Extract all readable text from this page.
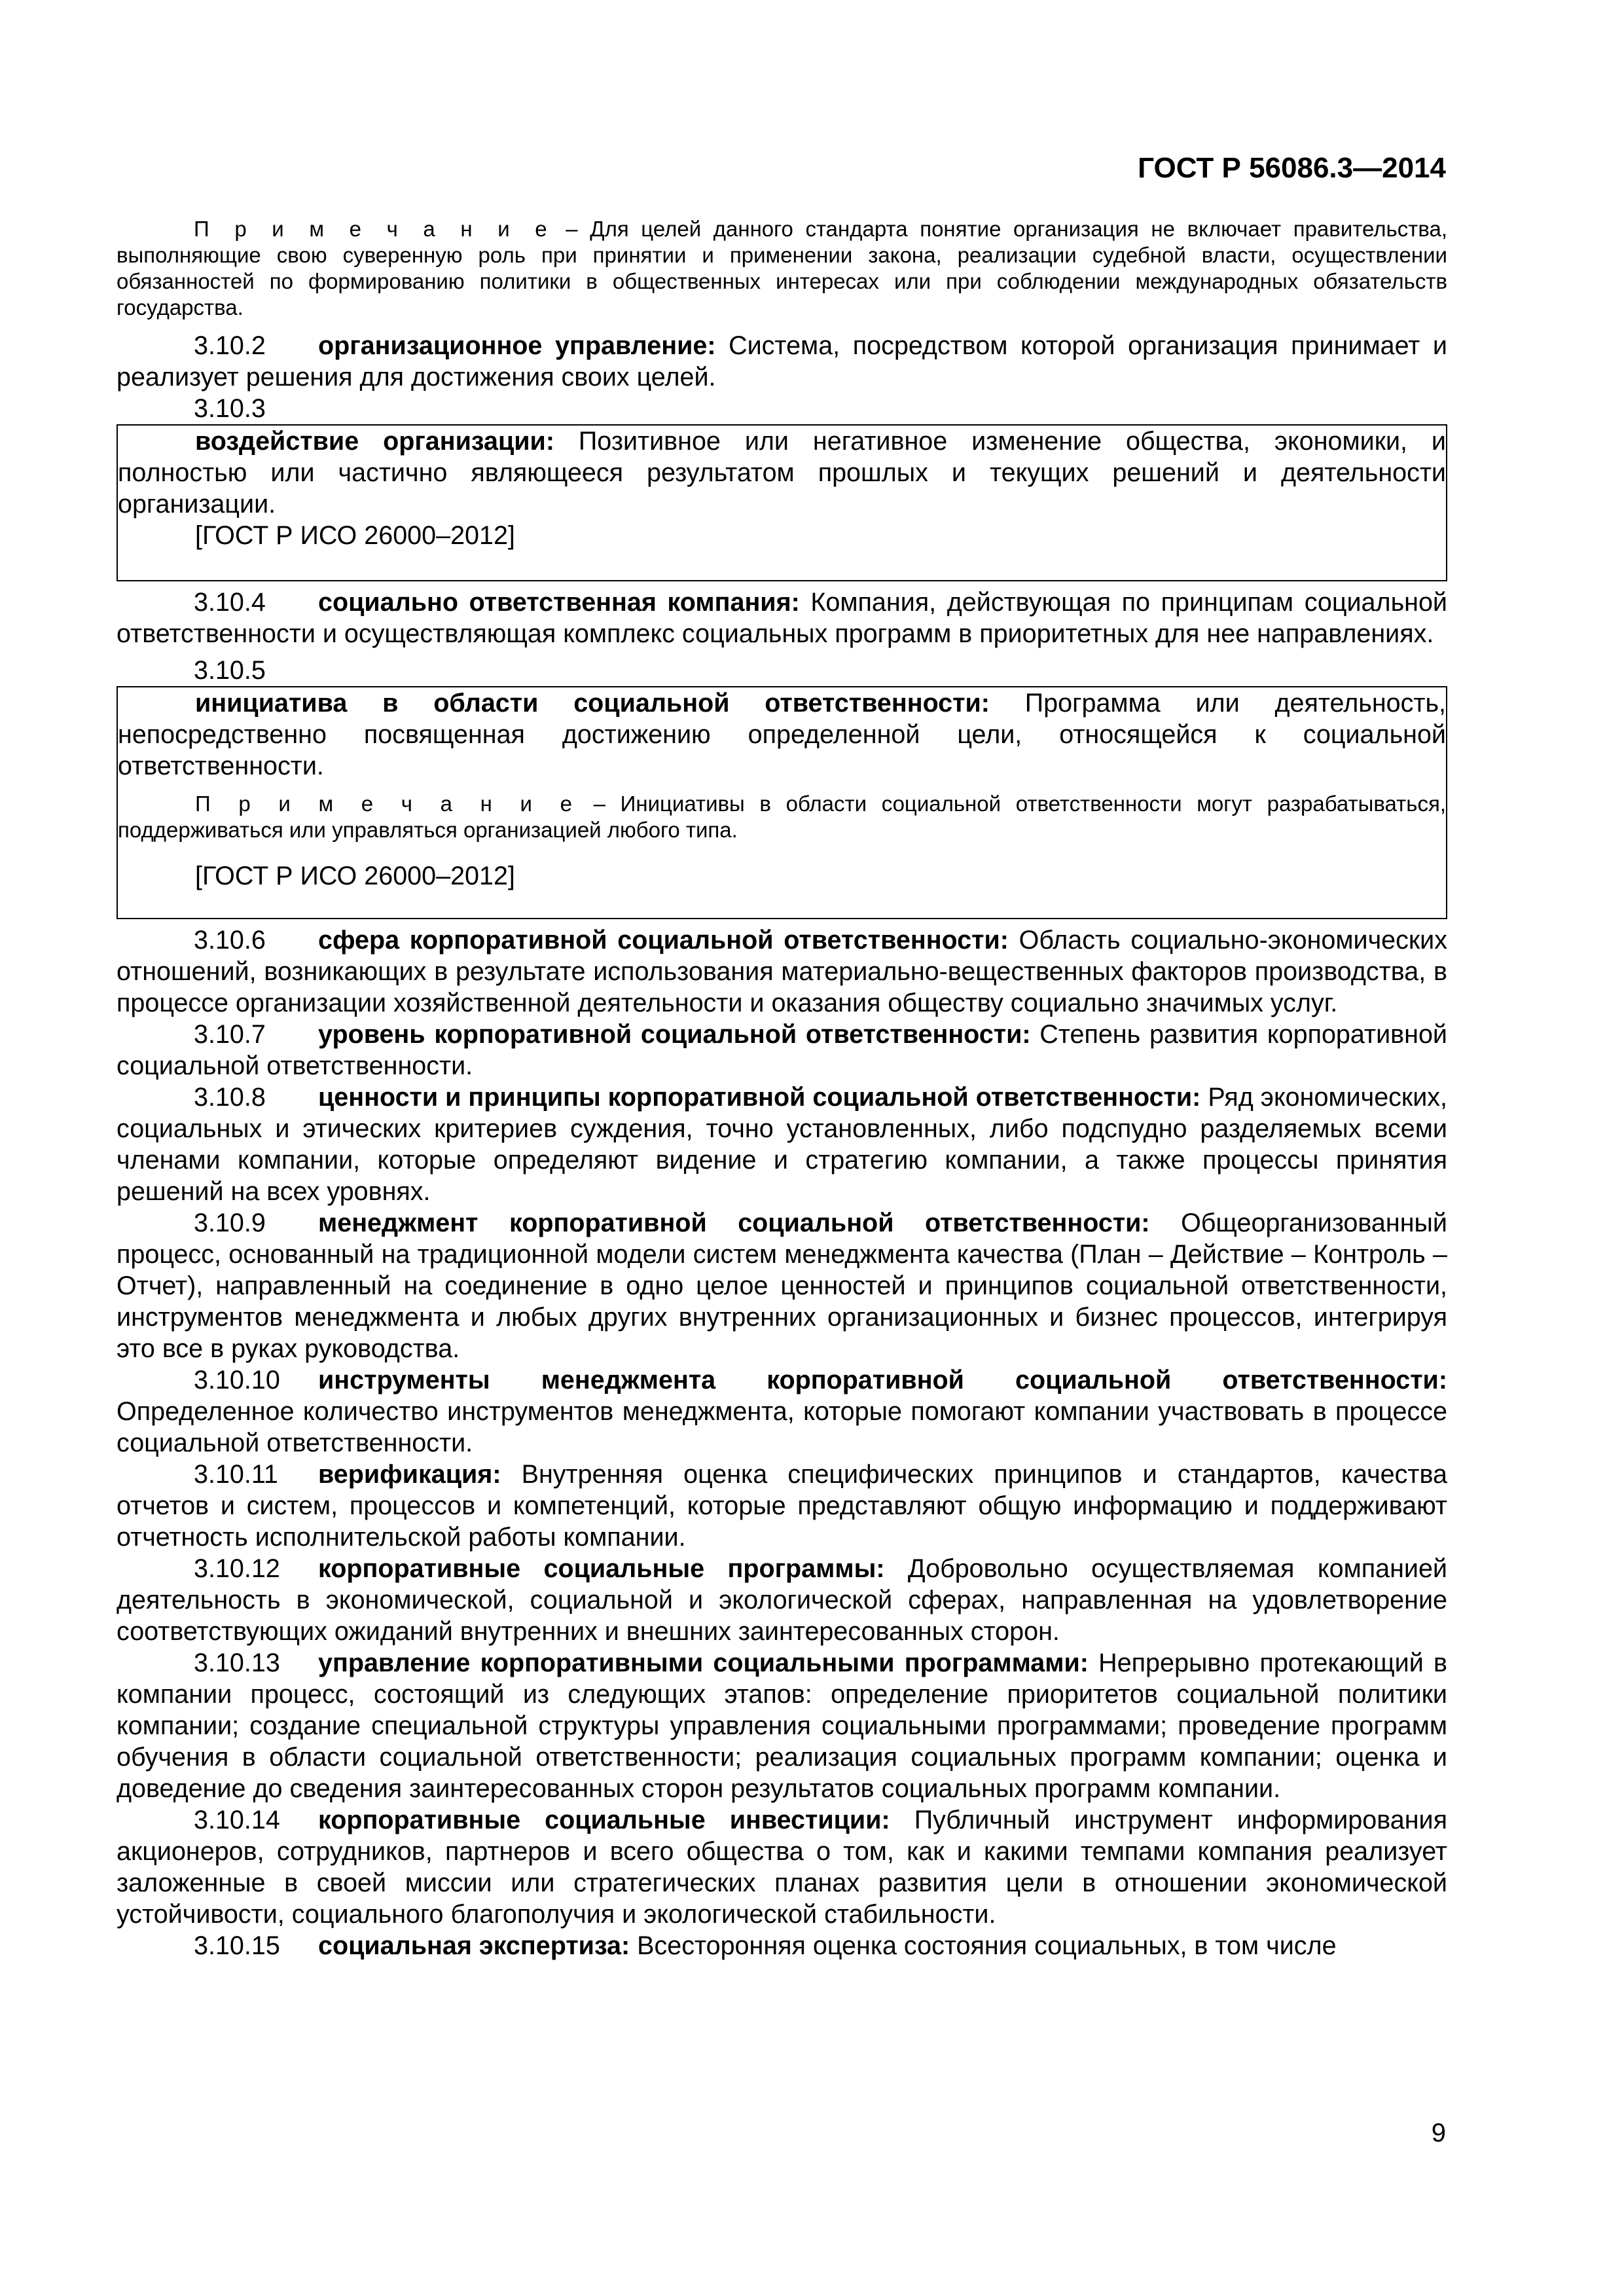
ГОСТ Р 56086.3—2014

П р и м е ч а н и е – Для целей данного стандарта понятие организация не включает правительства, выполняющие свою суверенную роль при принятии и применении закона, реализации судебной власти, осуществлении обязанностей по формированию политики в общественных интересах или при соблюдении международных обязательств государства.

3.10.2 организационное управление: Система, посредством которой организация принимает и реализует решения для достижения своих целей.

3.10.3

воздействие организации: Позитивное или негативное изменение общества, экономики, и полностью или частично являющееся результатом прошлых и текущих решений и деятельности организации.

[ГОСТ Р ИСО 26000–2012]

3.10.4 социально ответственная компания: Компания, действующая по принципам социальной ответственности и осуществляющая комплекс социальных программ в приоритетных для нее направлениях.

3.10.5

инициатива в области социальной ответственности: Программа или деятельность, непосредственно посвященная достижению определенной цели, относящейся к социальной ответственности.

П р и м е ч а н и е – Инициативы в области социальной ответственности могут разрабатываться, поддерживаться или управляться организацией любого типа.

[ГОСТ Р ИСО 26000–2012]

3.10.6 сфера корпоративной социальной ответственности: Область социально-экономических отношений, возникающих в результате использования материально-вещественных факторов производства, в процессе организации хозяйственной деятельности и оказания обществу социально значимых услуг.

3.10.7 уровень корпоративной социальной ответственности: Степень развития корпоративной социальной ответственности.

3.10.8 ценности и принципы корпоративной социальной ответственности: Ряд экономических, социальных и этических критериев суждения, точно установленных, либо подспудно разделяемых всеми членами компании, которые определяют видение и стратегию компании, а также процессы принятия решений на всех уровнях.

3.10.9 менеджмент корпоративной социальной ответственности: Общеорганизованный процесс, основанный на традиционной модели систем менеджмента качества (План – Действие – Контроль – Отчет), направленный на соединение в одно целое ценностей и принципов социальной ответственности, инструментов менеджмента и любых других внутренних организационных и бизнес процессов, интегрируя это все в руках руководства.

3.10.10 инструменты менеджмента корпоративной социальной ответственности: Определенное количество инструментов менеджмента, которые помогают компании участвовать в процессе социальной ответственности.

3.10.11 верификация: Внутренняя оценка специфических принципов и стандартов, качества отчетов и систем, процессов и компетенций, которые представляют общую информацию и поддерживают отчетность исполнительской работы компании.

3.10.12 корпоративные социальные программы: Добровольно осуществляемая компанией деятельность в экономической, социальной и экологической сферах, направленная на удовлетворение соответствующих ожиданий внутренних и внешних заинтересованных сторон.

3.10.13 управление корпоративными социальными программами: Непрерывно протекающий в компании процесс, состоящий из следующих этапов: определение приоритетов социальной политики компании; создание специальной структуры управления социальными программами; проведение программ обучения в области социальной ответственности; реализация социальных программ компании; оценка и доведение до сведения заинтересованных сторон результатов социальных программ компании.

3.10.14 корпоративные социальные инвестиции: Публичный инструмент информирования акционеров, сотрудников, партнеров и всего общества о том, как и какими темпами компания реализует заложенные в своей миссии или стратегических планах развития цели в отношении экономической устойчивости, социального благополучия и экологической стабильности.

3.10.15 социальная экспертиза: Всесторонняя оценка состояния социальных, в том числе

9
